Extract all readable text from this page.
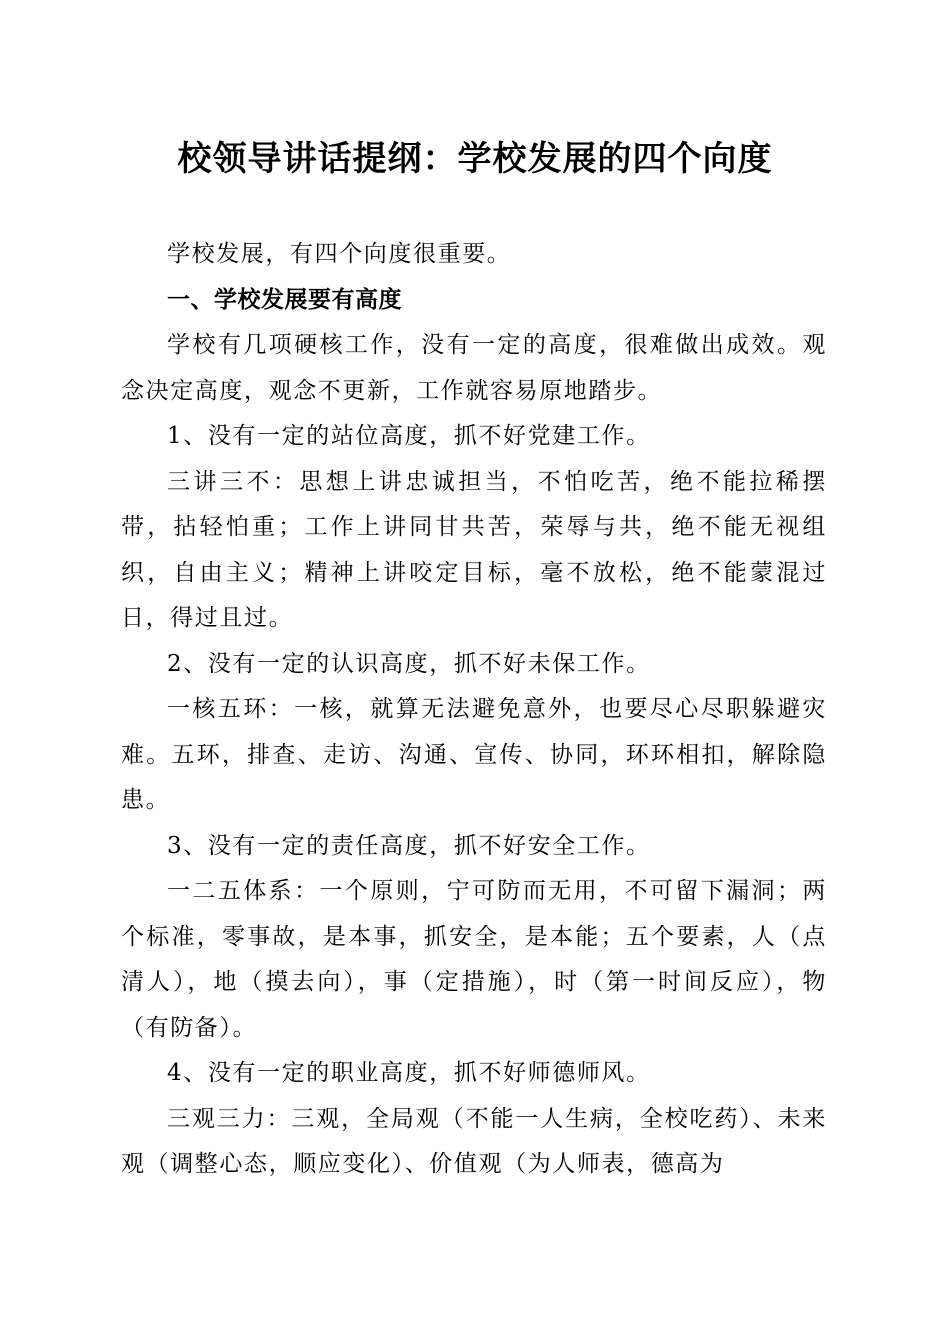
校领导讲话提纲：学校发展的四个向度

学校发展，有四个向度很重要。

一、学校发展要有高度

学校有几项硬核工作，没有一定的高度，很难做出成效。观念决定高度，观念不更新，工作就容易原地踏步。

1、没有一定的站位高度，抓不好党建工作。

三讲三不：思想上讲忠诚担当，不怕吃苦，绝不能拉稀摆带，拈轻怕重；工作上讲同甘共苦，荣辱与共，绝不能无视组织，自由主义；精神上讲咬定目标，毫不放松，绝不能蒙混过日，得过且过。

2、没有一定的认识高度，抓不好未保工作。

一核五环：一核，就算无法避免意外，也要尽心尽职躲避灾难。五环，排查、走访、沟通、宣传、协同，环环相扣，解除隐患。

3、没有一定的责任高度，抓不好安全工作。

一二五体系：一个原则，宁可防而无用，不可留下漏洞；两个标准，零事故，是本事，抓安全，是本能；五个要素，人（点清人），地（摸去向），事（定措施），时（第一时间反应），物（有防备）。

4、没有一定的职业高度，抓不好师德师风。

三观三力：三观，全局观（不能一人生病，全校吃药）、未来观（调整心态，顺应变化）、价值观（为人师表，德高为
